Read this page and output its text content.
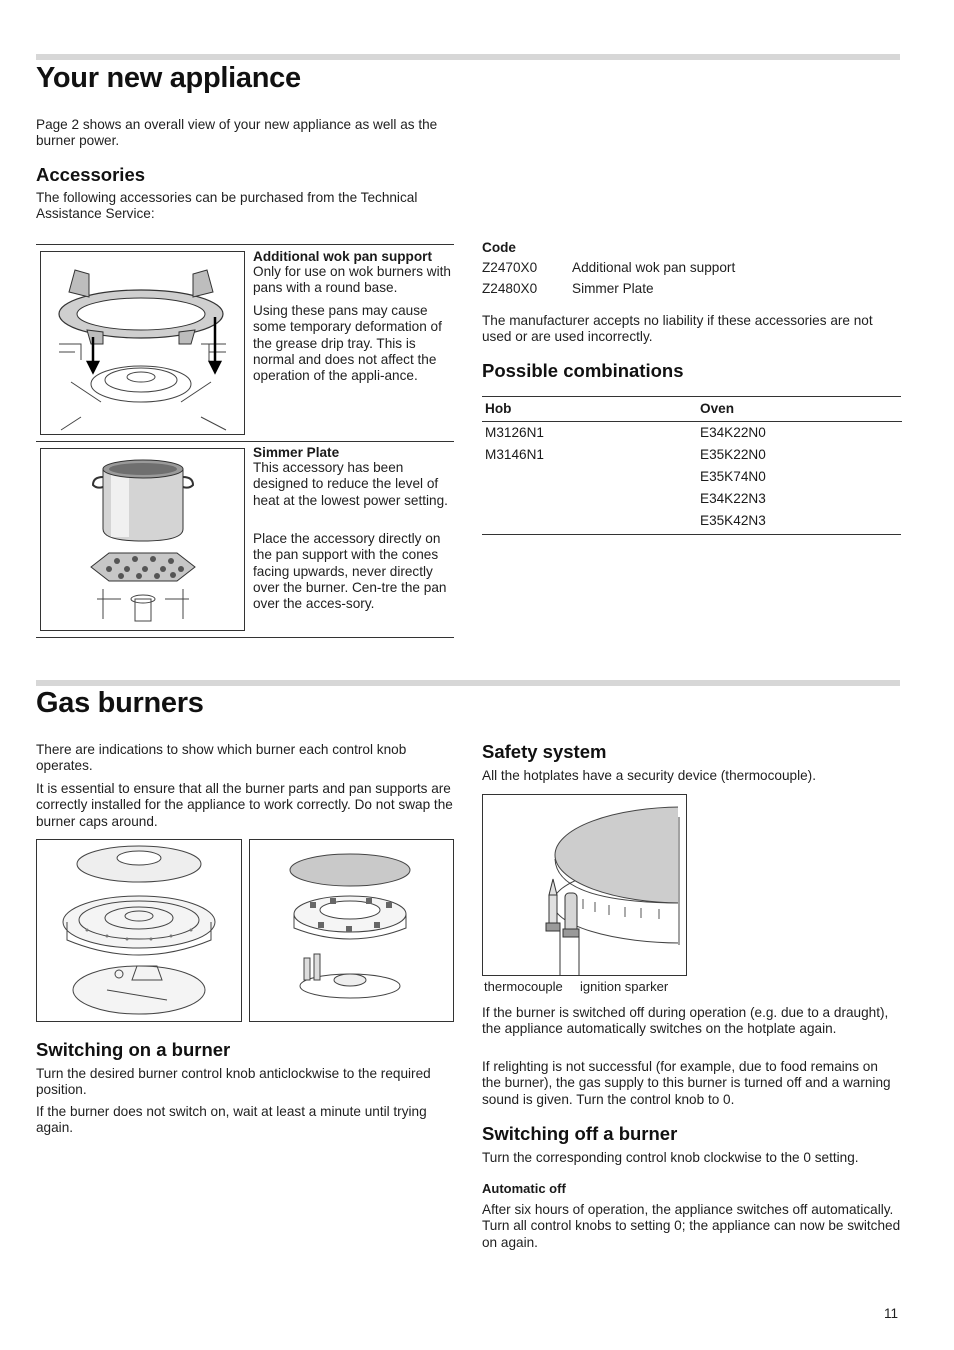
Your new appliance

Page 2 shows an overall view of your new appliance as well as the burner power.

Accessories

The following accessories can be purchased from the Technical Assistance Service:

Additional wok pan support

Only for use on wok burners with pans with a round base.

Using these pans may cause some temporary deformation of the grease drip tray. This is normal and does not affect the operation of the appli-ance.

Simmer Plate

This accessory has been designed to reduce the level of heat at the lowest power setting.

Place the accessory directly on the pan support with the cones facing upwards, never directly over the burner. Cen-tre the pan over the acces-sory.

Code
Z2470X0	Additional wok pan support
Z2480X0	Simmer Plate

The manufacturer accepts no liability if these accessories are not used or are used incorrectly.

Possible combinations
Hob	Oven
M3126N1	E34K22N0
M3146N1	E35K22N0
	E35K74N0
	E34K22N3
	E35K42N3
Gas burners

There are indications to show which burner each control knob operates.

It is essential to ensure that all the burner parts and pan supports are correctly installed for the appliance to work correctly. Do not swap the burner caps around.

Switching on a burner

Turn the desired burner control knob anticlockwise to the required position.

If the burner does not switch on, wait at least a minute until trying again.

Safety system

All the hotplates have a security device (thermocouple).

thermocouple ignition sparker

If the burner is switched off during operation (e.g. due to a draught), the appliance automatically switches on the hotplate again.

If relighting is not successful (for example, due to food remains on the burner), the gas supply to this burner is turned off and a warning sound is given. Turn the control knob to 0.

Switching off a burner

Turn the corresponding control knob clockwise to the 0 setting.

Automatic off

After six hours of operation, the appliance switches off automatically. Turn all control knobs to setting 0; the appliance can now be switched on again.

11
